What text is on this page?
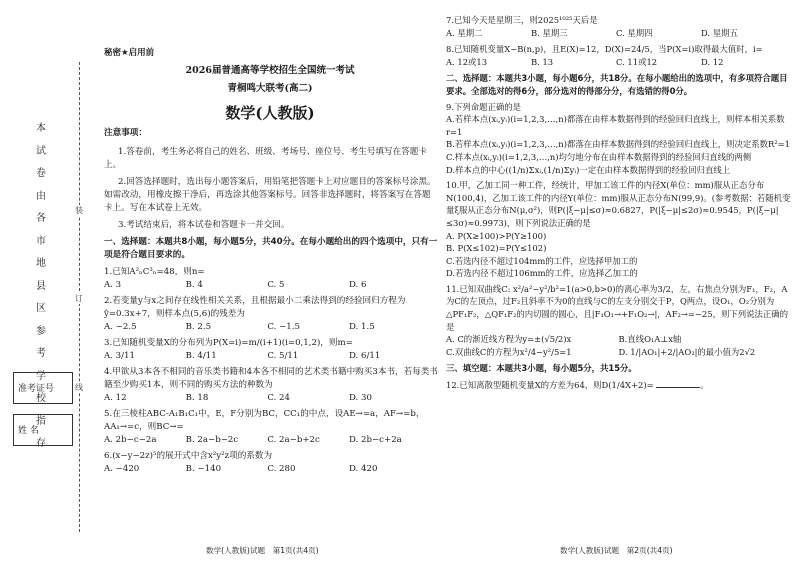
本
试
卷
由
各
市
地
县
区
参
考
学
校
指
存
装
订
线
准考证号
姓 名
秘密★启用前
2026届普通高等学校招生全国统一考试
青桐鸣大联考(高二)
数学(人教版)
注意事项：
1.答卷前，考生务必将自己的姓名、班级、考场号、座位号、考生号填写在答题卡上。
2.回答选择题时，选出每小题答案后，用铅笔把答题卡上对应题目的答案标号涂黑。如需改动，用橡皮擦干净后，再选涂其他答案标号。回答非选择题时，将答案写在答题卡上。写在本试卷上无效。
3.考试结束后，将本试卷和答题卡一并交回。
一、选择题：本题共8小题，每小题5分，共40分。在每小题给出的四个选项中，只有一项是符合题目要求的。
1.已知A²ₙC³ₙ=48，则n=
A. 3	B. 4	C. 5	D. 6
2.若变量y与x之间存在线性相关关系，且根据最小二乘法得到的经验回归方程为ŷ=0.3x+7，则样本点(5,6)的残差为
A. −2.5	B. 2.5	C. −1.5	D. 1.5
3.已知随机变量X的分布列为P(X=i)=m/(i+1)(i=0,1,2)，则m=
A. 3/11	B. 4/11	C. 5/11	D. 6/11
4.甲欲从3本各不相同的音乐类书籍和4本各不相同的艺术类书籍中购买3本书，若每类书籍至少购买1本，则不同的购买方法的种数为
A. 12	B. 18	C. 24	D. 30
5.在三棱柱ABC-A₁B₁C₁中，E，F分别为BC，CC₁的中点，设AE→=a，AF→=b，AA₁→=c，则BC→=
A. 2b−c−2a	B. 2a−b−2c	C. 2a−b+2c	D. 2b−c+2a
6.(x−y−2z)⁵的展开式中含x²y²z项的系数为
A. −420	B. −140	C. 280	D. 420
数学(人教版)试题　第1页(共4页)
7.已知今天是星期三，则2025¹⁰²⁵天后是
A. 星期二	B. 星期三	C. 星期四	D. 星期五
8.已知随机变量X~B(n,p)，且E(X)=12，D(X)=24/5，当P(X=i)取得最大值时，i=
A. 12或13	B. 13	C. 11或12	D. 12
二、选择题：本题共3小题，每小题6分，共18分。在每小题给出的选项中，有多项符合题目要求。全部选对的得6分，部分选对的得部分分，有选错的得0分。
9.下列命题正确的是
A.若样本点(xᵢ,yᵢ)(i=1,2,3,…,n)都落在由样本数据得到的经验回归直线上，则样本相关系数r=1
B.若样本点(xᵢ,yᵢ)(i=1,2,3,…,n)都落在由样本数据得到的经验回归直线上，则决定系数R²=1
C.样本点(xᵢ,yᵢ)(i=1,2,3,…,n)均匀地分布在由样本数据得到的经验回归直线的两侧
D.样本点的中心((1/n)Σxᵢ,(1/n)Σyᵢ)一定在由样本数据得到的经验回归直线上
10.甲，乙加工同一种工件，经统计，甲加工该工件的内径X(单位：mm)服从正态分布N(100,4)，乙加工该工件的内径Y(单位：mm)服从正态分布N(99,9)。(参考数据：若随机变量ξ服从正态分布N(μ,σ²)，则P(|ξ−μ|≤σ)≈0.6827，P(|ξ−μ|≤2σ)≈0.9545，P(|ξ−μ|≤3σ)≈0.9973)，则下列说法正确的是
A. P(X≥100)>P(Y≥100)
B. P(X≤102)=P(Y≤102)
C.若选内径不超过104mm的工件，应选择甲加工的
D.若选内径不超过106mm的工件，应选择乙加工的
11.已知双曲线C: x²/a²−y²/b²=1(a>0,b>0)的离心率为3/2，左，右焦点分别为F₁，F₂，A为C的左顶点，过F₂且斜率不为0的直线与C的左支分别交于P，Q两点，设O₁，O₂分别为△PF₁F₂，△QF₁F₂的内切圆的圆心，且|F₁O₁→+F₁O₂→|，AF₂→=−25，则下列说法正确的是
A. C的渐近线方程为y=±(√5/2)x	B.直线O₁A⊥x轴
C.双曲线C的方程为x²/4−y²/5=1	D. 1/|AO₁|+2/|AO₂|的最小值为2√2
三、填空题：本题共3小题，每小题5分，共15分。
12.已知离散型随机变量X的方差为64，则D(1/4X+2)=	。
数学(人教版)试题　第2页(共4页)
